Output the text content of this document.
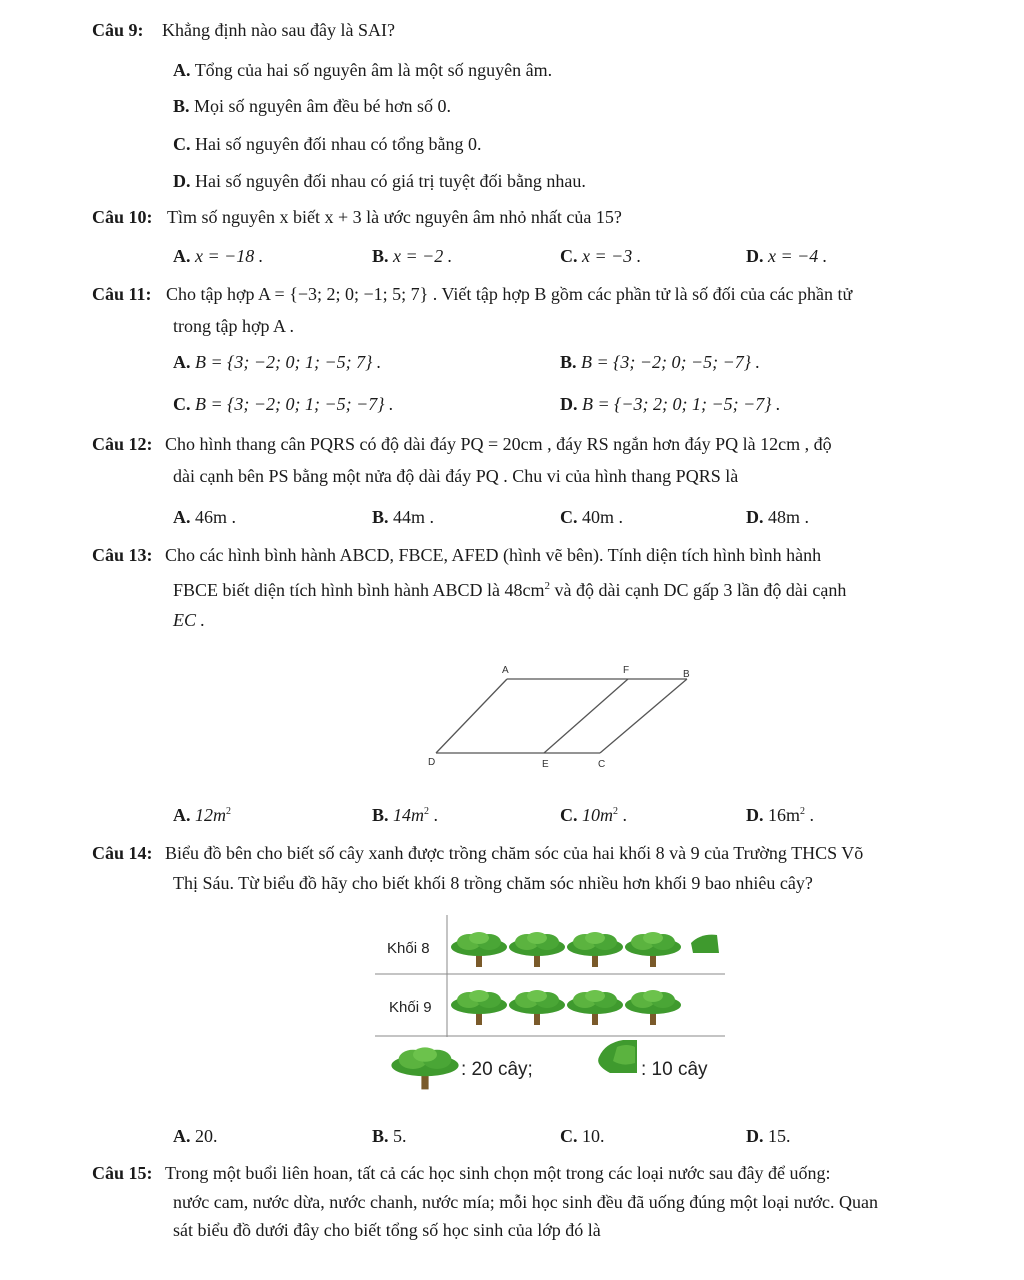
Câu 9: Khẳng định nào sau đây là SAI?
A. Tổng của hai số nguyên âm là một số nguyên âm.
B. Mọi số nguyên âm đều bé hơn số 0.
C. Hai số nguyên đối nhau có tổng bằng 0.
D. Hai số nguyên đối nhau có giá trị tuyệt đối bằng nhau.
Câu 10: Tìm số nguyên x biết x + 3 là ước nguyên âm nhỏ nhất của 15?
A. x = −18 .	B. x = −2 .	C. x = −3 .	D. x = −4 .
Câu 11: Cho tập hợp A = {−3; 2; 0; −1; 5; 7} . Viết tập hợp B gồm các phần tử là số đối của các phần tử
trong tập hợp A .
A. B = {3; −2; 0; 1; −5; 7} .	B. B = {3; −2; 0; −5; −7} .
C. B = {3; −2; 0; 1; −5; −7} .	D. B = {−3; 2; 0; 1; −5; −7} .
Câu 12: Cho hình thang cân PQRS có độ dài đáy PQ = 20cm , đáy RS ngắn hơn đáy PQ là 12cm , độ
dài cạnh bên PS bằng một nửa độ dài đáy PQ . Chu vi của hình thang PQRS là
A. 46m .	B. 44m .	C. 40m .	D. 48m .
Câu 13: Cho các hình bình hành ABCD, FBCE, AFED (hình vẽ bên). Tính diện tích hình bình hành
FBCE biết diện tích hình bình hành ABCD là $48cm^2$ và độ dài cạnh DC gấp 3 lần độ dài cạnh
EC .
A	F	B
D	E	C
A. $12m^2$	B. $14m^2$ .	C. $10m^2$ .	D. $16m^2$ .
Câu 14: Biểu đồ bên cho biết số cây xanh được trồng chăm sóc của hai khối 8 và 9 của Trường THCS Võ
Thị Sáu. Từ biểu đồ hãy cho biết khối 8 trồng chăm sóc nhiều hơn khối 9 bao nhiêu cây?
Khối 8
Khối 9
: 20 cây;	: 10 cây
A. 20.	B. 5.	C. 10.	D. 15.
Câu 15: Trong một buổi liên hoan, tất cả các học sinh chọn một trong các loại nước sau đây để uống:
nước cam, nước dừa, nước chanh, nước mía; mỗi học sinh đều đã uống đúng một loại nước. Quan
sát biểu đồ dưới đây cho biết tổng số học sinh của lớp đó là
